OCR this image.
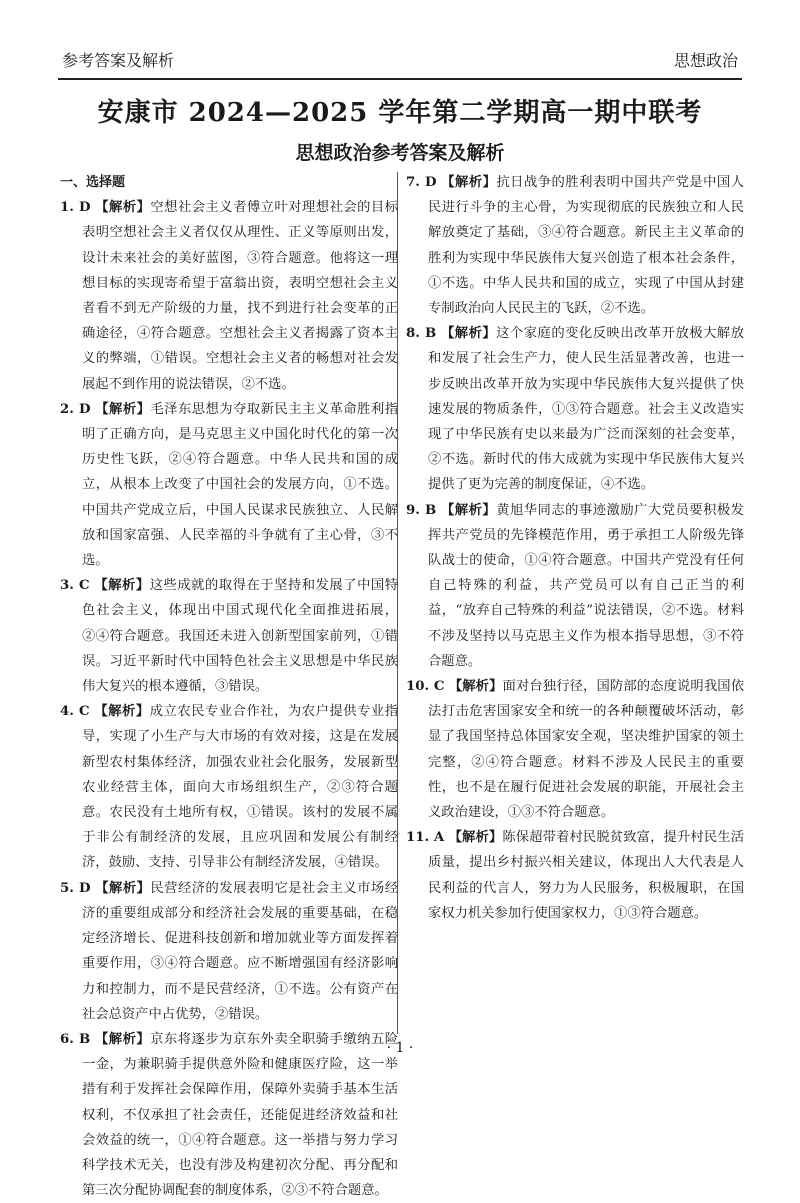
参考答案及解析	思想政治
安康市 2024—2025 学年第二学期高一期中联考
思想政治参考答案及解析
一、选择题
1. D 【解析】空想社会主义者傅立叶对理想社会的目标表明空想社会主义者仅仅从理性、正义等原则出发，设计未来社会的美好蓝图，③符合题意。他将这一理想目标的实现寄希望于富翁出资，表明空想社会主义者看不到无产阶级的力量，找不到进行社会变革的正确途径，④符合题意。空想社会主义者揭露了资本主义的弊端，①错误。空想社会主义者的畅想对社会发展起不到作用的说法错误，②不选。
2. D 【解析】毛泽东思想为夺取新民主主义革命胜利指明了正确方向，是马克思主义中国化时代化的第一次历史性飞跃，②④符合题意。中华人民共和国的成立，从根本上改变了中国社会的发展方向，①不选。中国共产党成立后，中国人民谋求民族独立、人民解放和国家富强、人民幸福的斗争就有了主心骨，③不选。
3. C 【解析】这些成就的取得在于坚持和发展了中国特色社会主义，体现出中国式现代化全面推进拓展，②④符合题意。我国还未进入创新型国家前列，①错误。习近平新时代中国特色社会主义思想是中华民族伟大复兴的根本遵循，③错误。
4. C 【解析】成立农民专业合作社，为农户提供专业指导，实现了小生产与大市场的有效对接，这是在发展新型农村集体经济，加强农业社会化服务，发展新型农业经营主体，面向大市场组织生产，②③符合题意。农民没有土地所有权，①错误。该村的发展不属于非公有制经济的发展，且应巩固和发展公有制经济，鼓励、支持、引导非公有制经济发展，④错误。
5. D 【解析】民营经济的发展表明它是社会主义市场经济的重要组成部分和经济社会发展的重要基础，在稳定经济增长、促进科技创新和增加就业等方面发挥着重要作用，③④符合题意。应不断增强国有经济影响力和控制力，而不是民营经济，①不选。公有资产在社会总资产中占优势，②错误。
6. B 【解析】京东将逐步为京东外卖全职骑手缴纳五险一金，为兼职骑手提供意外险和健康医疗险，这一举措有利于发挥社会保障作用，保障外卖骑手基本生活权利，不仅承担了社会责任，还能促进经济效益和社会效益的统一，①④符合题意。这一举措与努力学习科学技术无关，也没有涉及构建初次分配、再分配和第三次分配协调配套的制度体系，②③不符合题意。
7. D 【解析】抗日战争的胜利表明中国共产党是中国人民进行斗争的主心骨，为实现彻底的民族独立和人民解放奠定了基础，③④符合题意。新民主主义革命的胜利为实现中华民族伟大复兴创造了根本社会条件，①不选。中华人民共和国的成立，实现了中国从封建专制政治向人民民主的飞跃，②不选。
8. B 【解析】这个家庭的变化反映出改革开放极大解放和发展了社会生产力，使人民生活显著改善，也进一步反映出改革开放为实现中华民族伟大复兴提供了快速发展的物质条件，①③符合题意。社会主义改造实现了中华民族有史以来最为广泛而深刻的社会变革，②不选。新时代的伟大成就为实现中华民族伟大复兴提供了更为完善的制度保证，④不选。
9. B 【解析】黄旭华同志的事迹激励广大党员要积极发挥共产党员的先锋模范作用，勇于承担工人阶级先锋队战士的使命，①④符合题意。中国共产党没有任何自己特殊的利益，共产党员可以有自己正当的利益，“放弃自己特殊的利益”说法错误，②不选。材料不涉及坚持以马克思主义作为根本指导思想，③不符合题意。
10. C 【解析】面对台独行径，国防部的态度说明我国依法打击危害国家安全和统一的各种颠覆破坏活动，彰显了我国坚持总体国家安全观，坚决维护国家的领土完整，②④符合题意。材料不涉及人民民主的重要性，也不是在履行促进社会发展的职能，开展社会主义政治建设，①③不符合题意。
11. A 【解析】陈保超带着村民脱贫致富，提升村民生活质量，提出乡村振兴相关建议，体现出人大代表是人民利益的代言人，努力为人民服务，积极履职，在国家权力机关参加行使国家权力，①③符合题意。
· 1 ·
